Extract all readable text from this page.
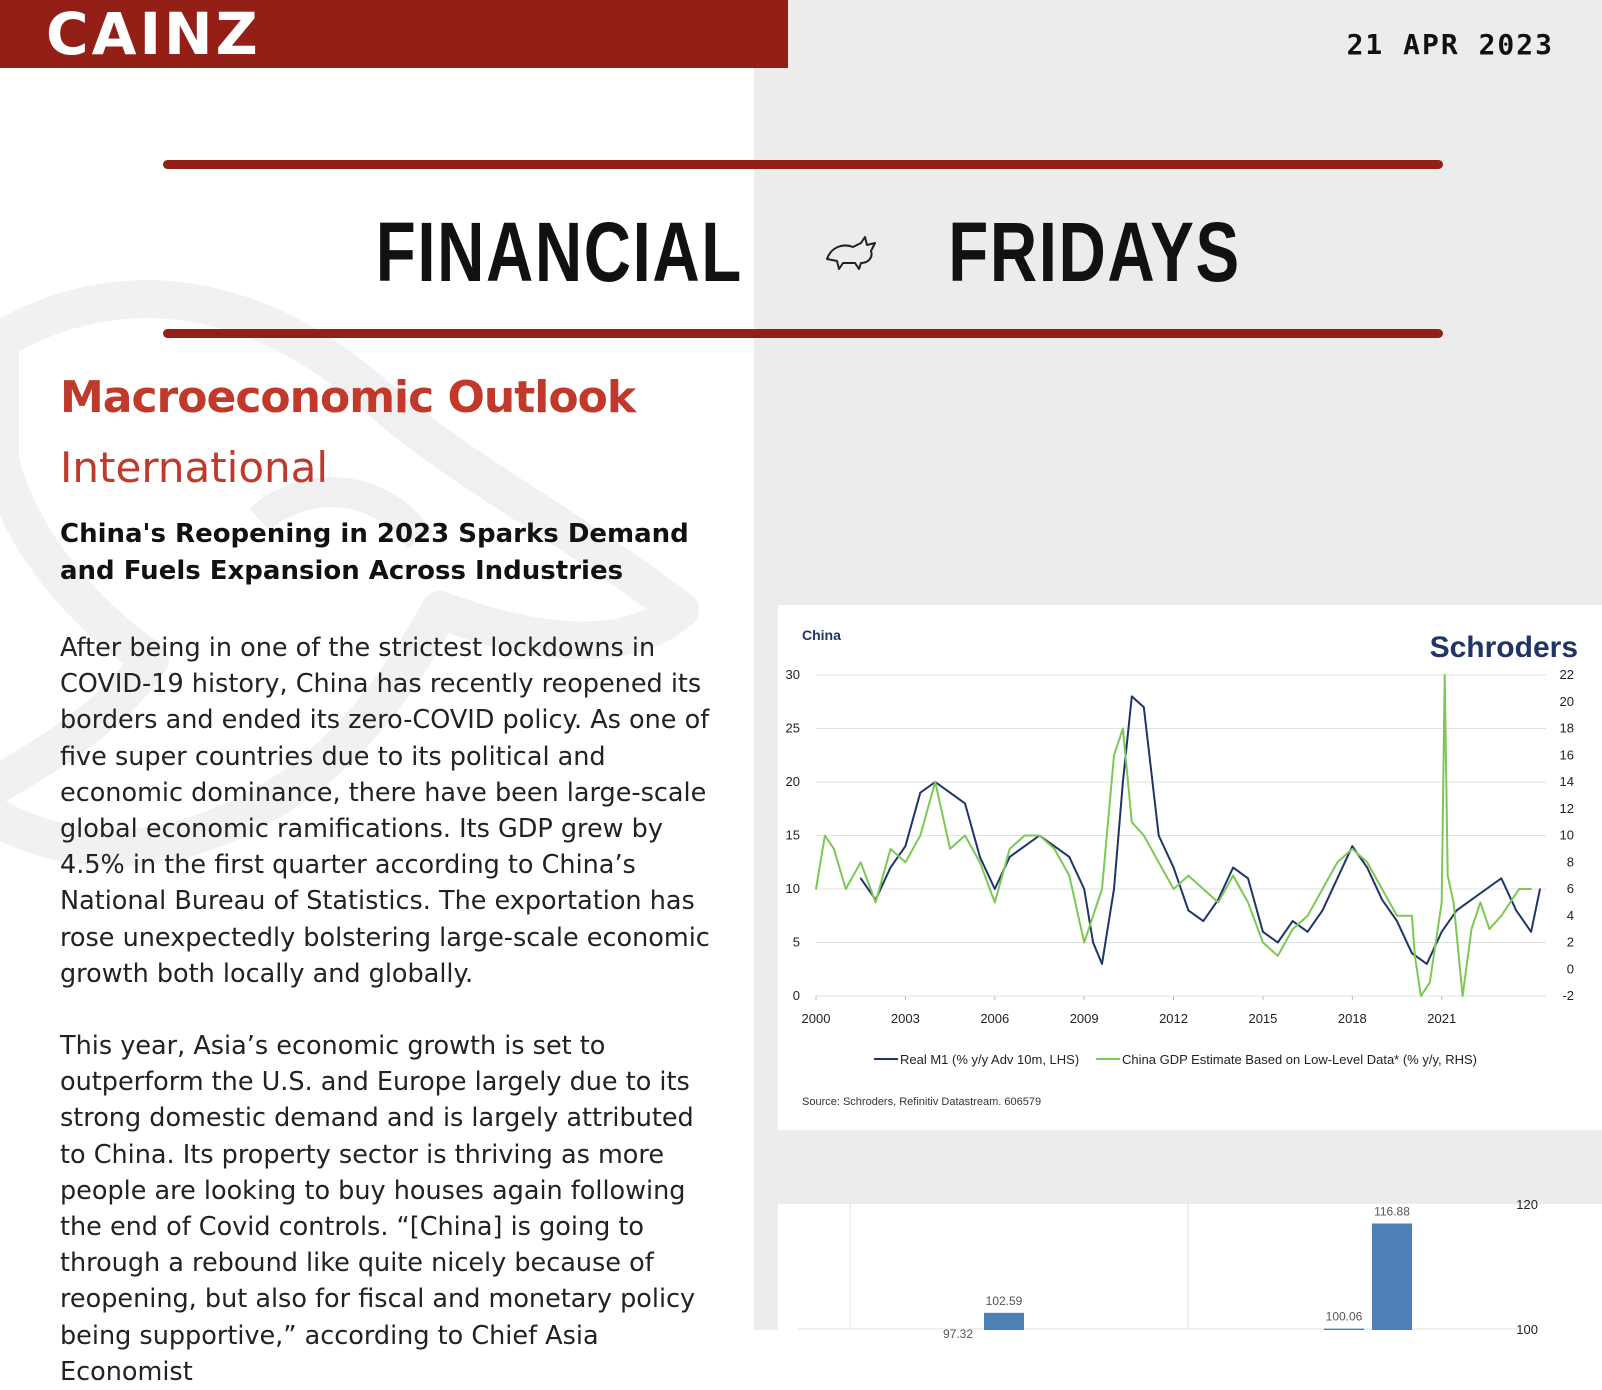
CAINZ	21 APR 2023
FINANCIAL FRIDAYS
Macroeconomic Outlook
International
China's Reopening in 2023 Sparks Demand and Fuels Expansion Across Industries

After being in one of the strictest lockdowns in COVID-19 history, China has recently reopened its borders and ended its zero-COVID policy. As one of five super countries due to its political and economic dominance, there have been large-scale global economic ramifications. Its GDP grew by 4.5% in the first quarter according to China’s National Bureau of Statistics. The exportation has rose unexpectedly bolstering large-scale economic growth both locally and globally.

This year, Asia’s economic growth is set to outperform the U.S. and Europe largely due to its strong domestic demand and is largely attributed to China. Its property sector is thriving as more people are looking to buy houses again following the end of Covid controls. “[China] is going to through a rebound like quite nicely because of reopening, but also for fiscal and monetary policy being supportive,” according to Chief Asia Economist

China	Schroders
30
25
20
15
10
5
0
22
20
18
16
14
12
10
8
6
4
2
0
-2
2000	2003	2006	2009	2012	2015	2018	2021
Real M1 (% y/y Adv 10m, LHS)	China GDP Estimate Based on Low-Level Data* (% y/y, RHS)
Source: Schroders, Refinitiv Datastream. 606579
120
100
97.32
102.59
100.06
116.88
